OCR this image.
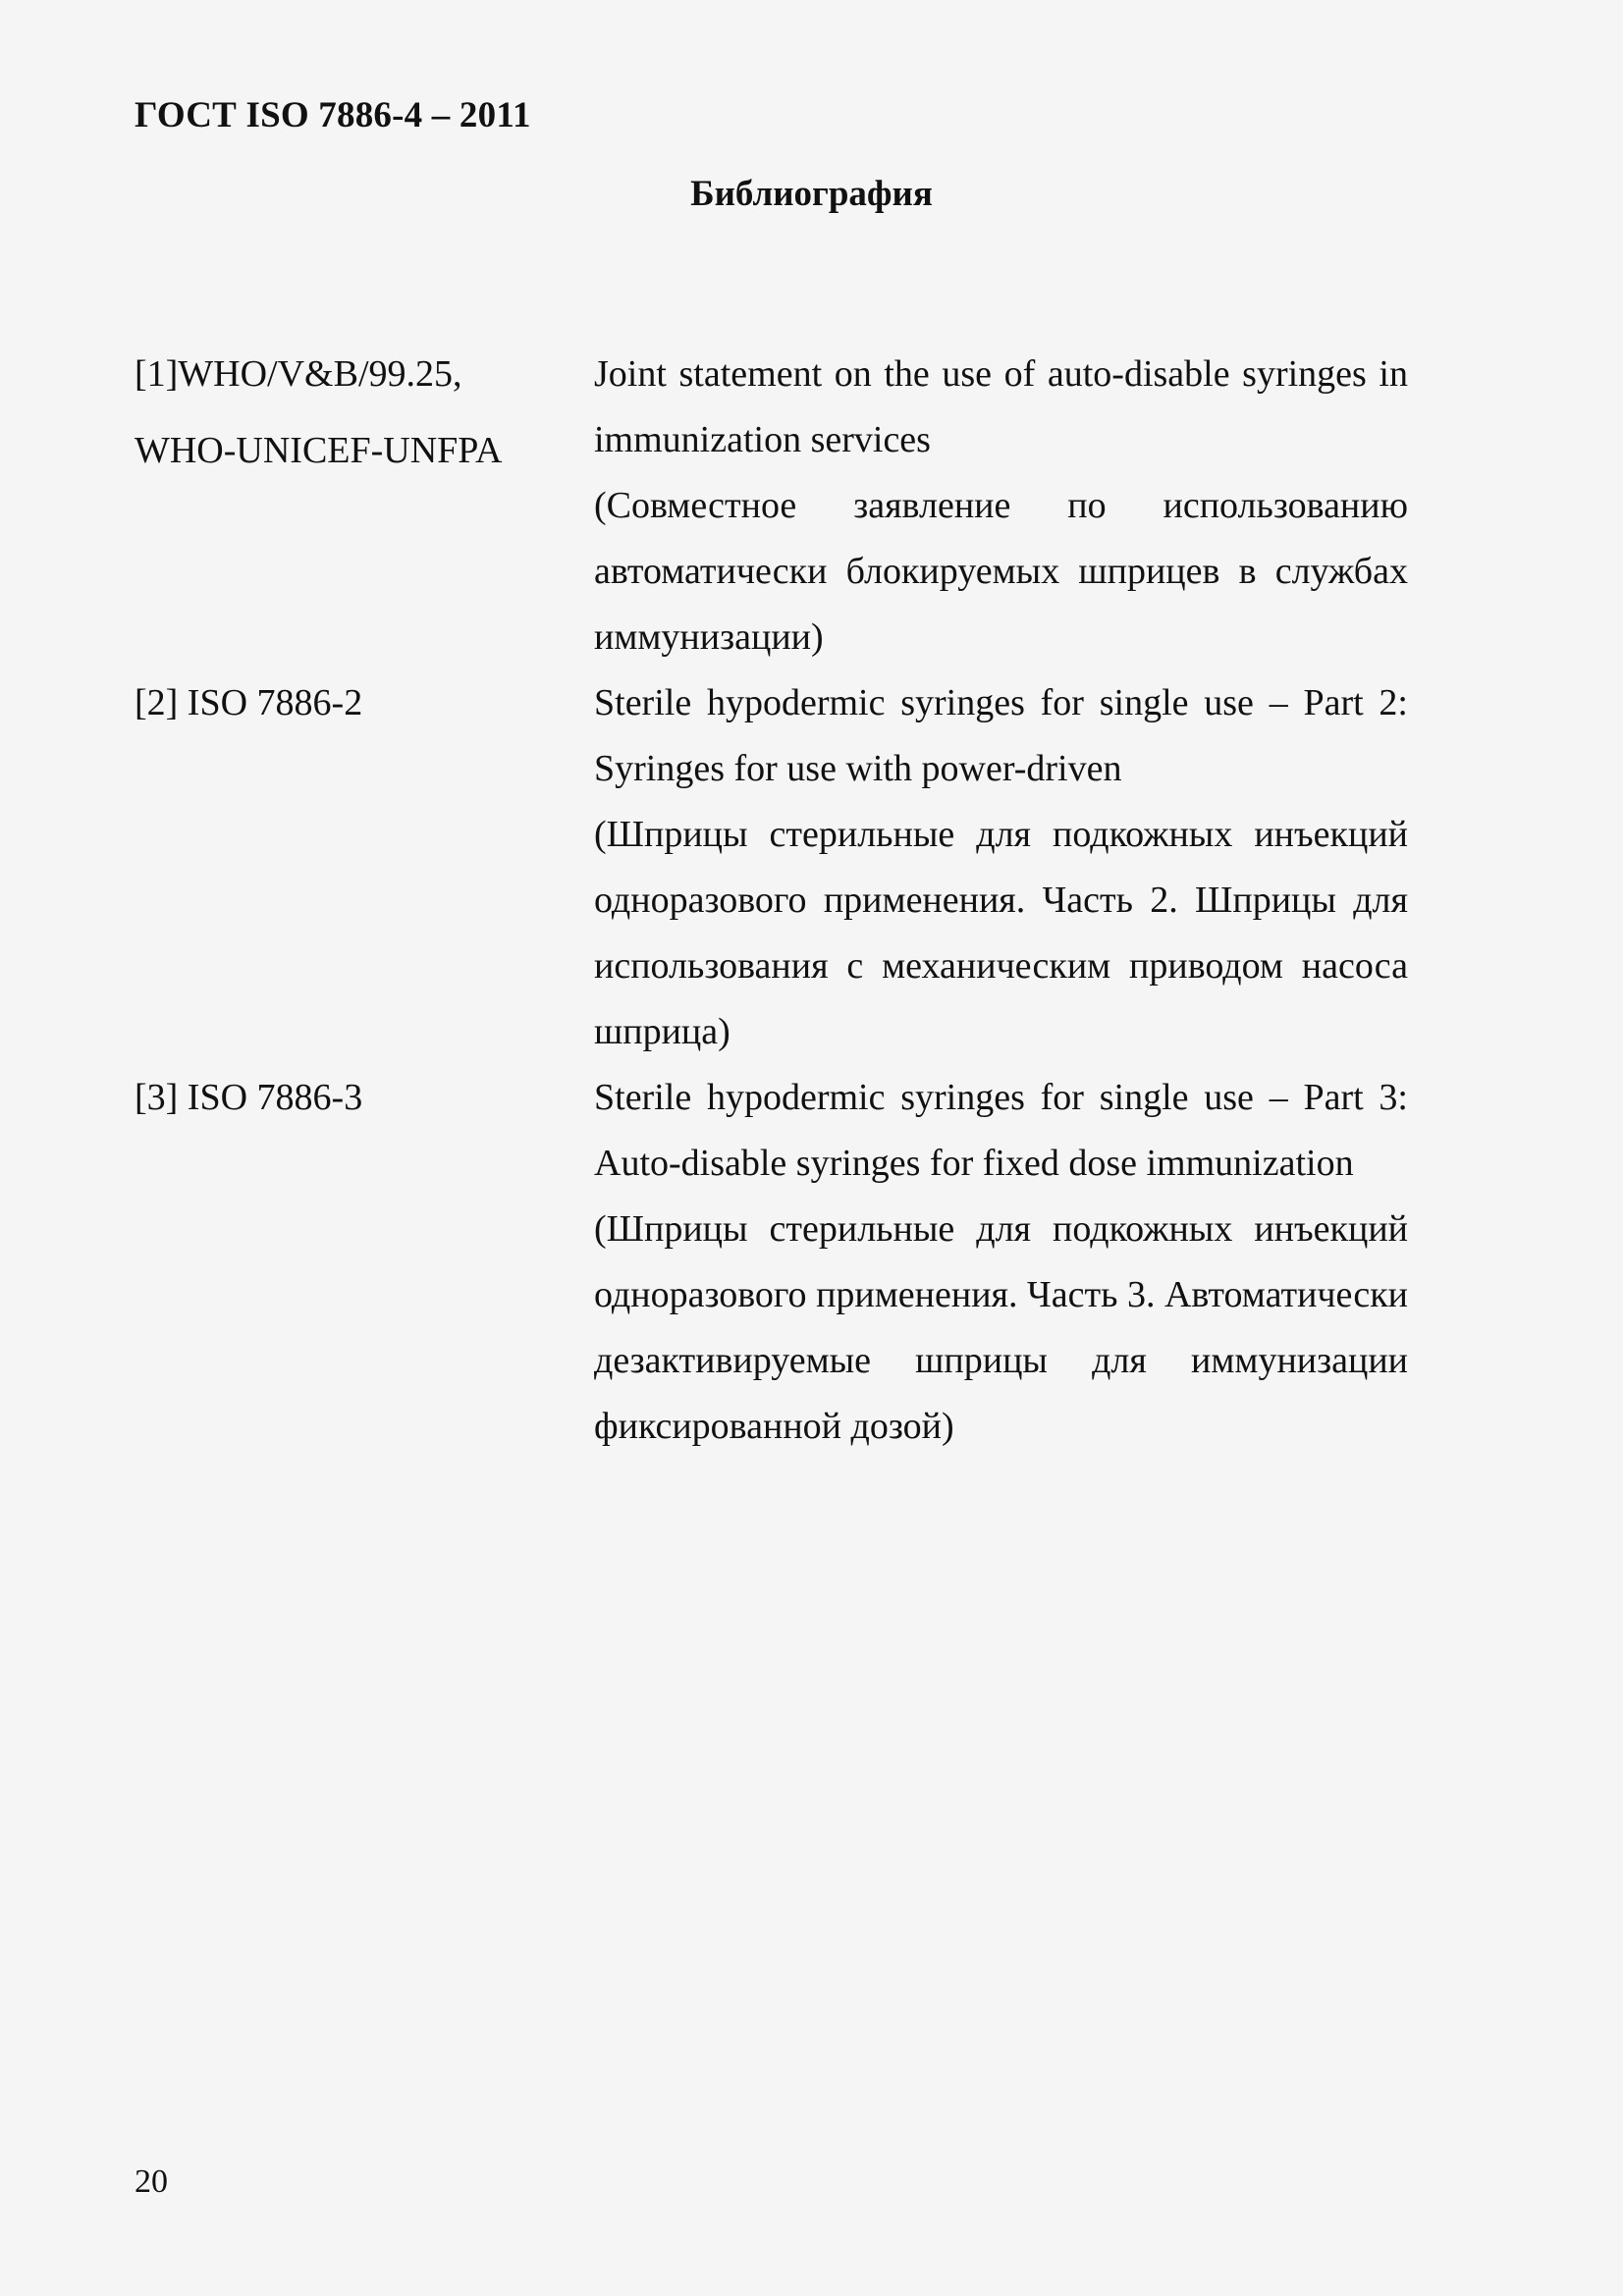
ГОСТ ISO 7886-4 – 2011
Библиография
[1]WHO/V&B/99.25,
WHO-UNICEF-UNFPA
Joint statement on the use of auto-disable syringes in immunization services
(Совместное заявление по использованию автоматически блокируемых шприцев в службах иммунизации)
[2] ISO 7886-2	Sterile hypodermic syringes for single use – Part 2: Syringes for use with power-driven
(Шприцы стерильные для подкожных инъекций одноразового применения. Часть 2. Шприцы для использования с механическим приводом насоса шприца)
[3] ISO 7886-3	Sterile hypodermic syringes for single use – Part 3: Auto-disable syringes for fixed dose immunization
(Шприцы стерильные для подкожных инъекций одноразового применения. Часть 3. Автоматически дезактивируемые шприцы для иммунизации фиксированной дозой)
20
